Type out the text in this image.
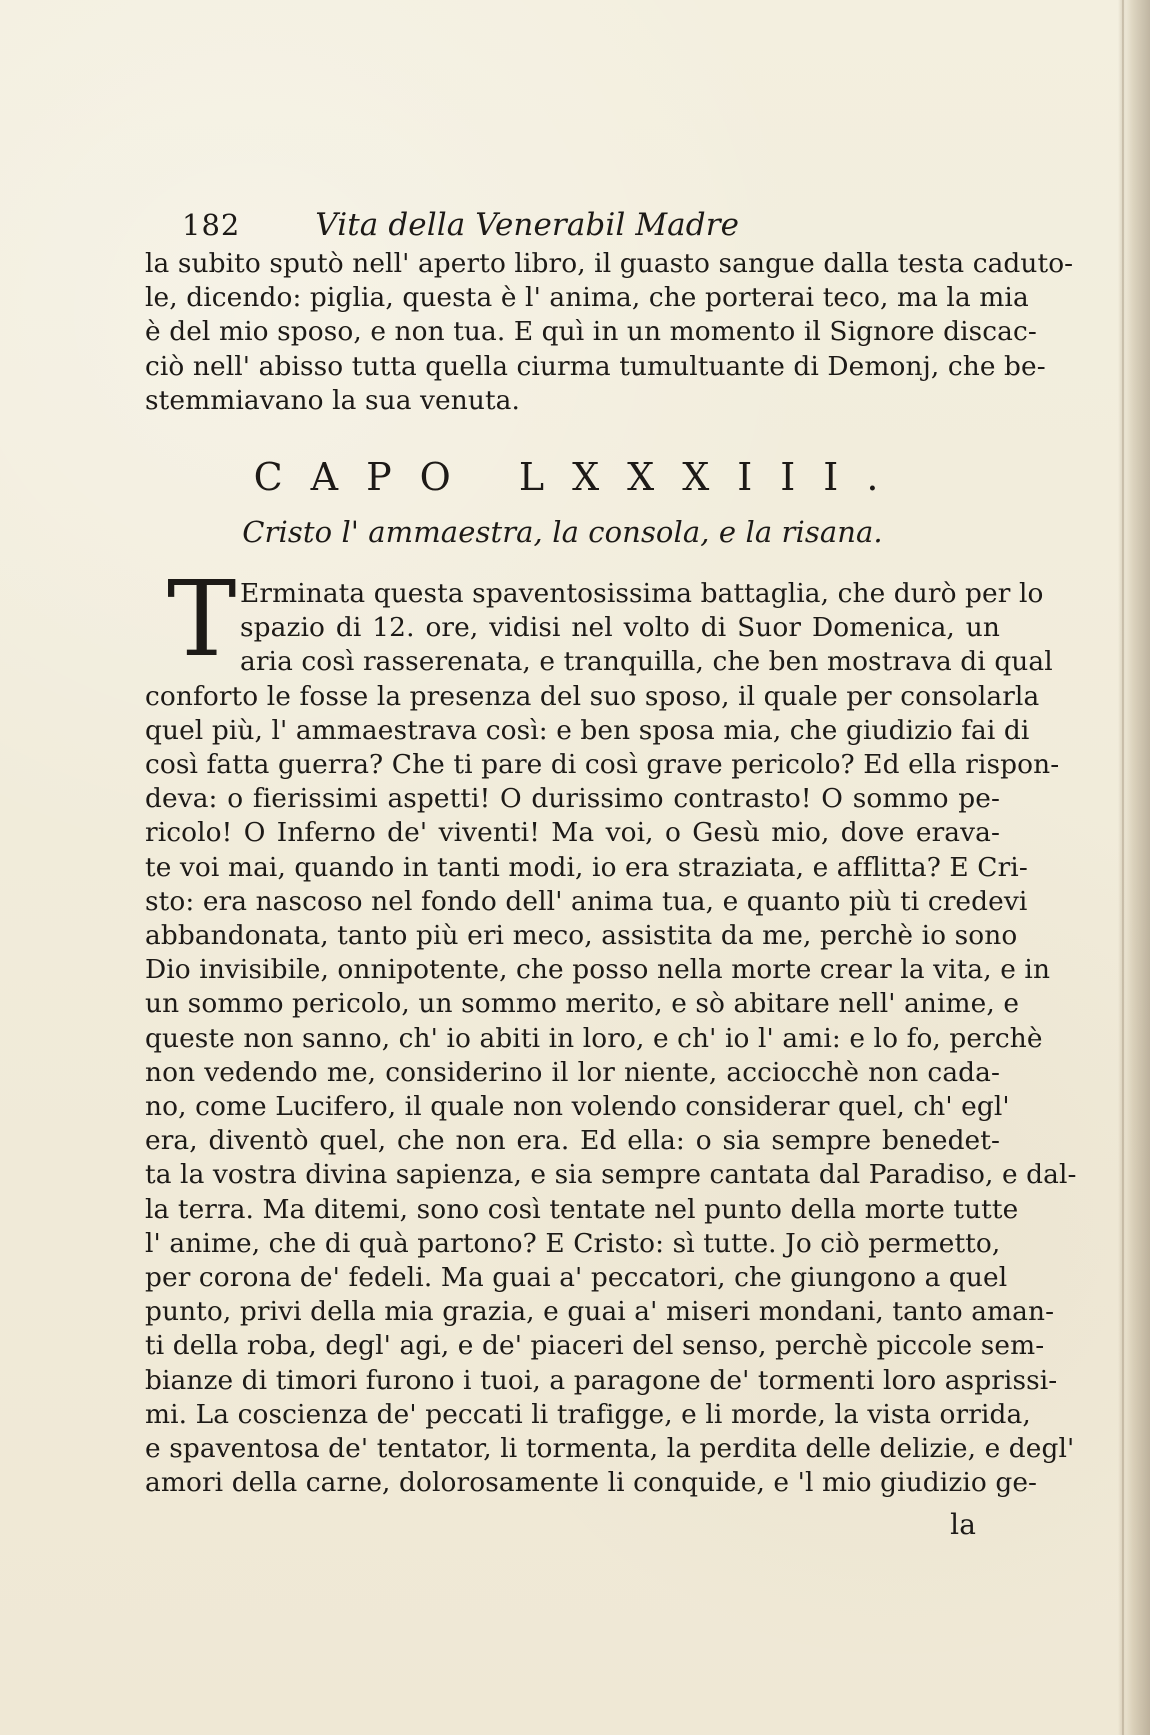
182	Vita della Venerabil Madre
la subito sputò nell' aperto libro, il guasto sangue dalla testa caduto-
le, dicendo: piglia, questa è l' anima, che porterai teco, ma la mia
è del mio sposo, e non tua. E quì in un momento il Signore discac-
ciò nell' abisso tutta quella ciurma tumultuante di Demonj, che be-
stemmiavano la sua venuta.
CAPO LXXXIII.
Cristo l' ammaestra, la consola, e la risana.
T Erminata questa spaventosissima battaglia, che durò per lo
spazio di 12. ore, vidisi nel volto di Suor Domenica, un
aria così rasserenata, e tranquilla, che ben mostrava di qual
conforto le fosse la presenza del suo sposo, il quale per consolarla
quel più, l' ammaestrava così: e ben sposa mia, che giudizio fai di
così fatta guerra? Che ti pare di così grave pericolo? Ed ella rispon-
deva: o fierissimi aspetti! O durissimo contrasto! O sommo pe-
ricolo! O Inferno de' viventi! Ma voi, o Gesù mio, dove erava-
te voi mai, quando in tanti modi, io era straziata, e afflitta? E Cri-
sto: era nascoso nel fondo dell' anima tua, e quanto più ti credevi
abbandonata, tanto più eri meco, assistita da me, perchè io sono
Dio invisibile, onnipotente, che posso nella morte crear la vita, e in
un sommo pericolo, un sommo merito, e sò abitare nell' anime, e
queste non sanno, ch' io abiti in loro, e ch' io l' ami: e lo fo, perchè
non vedendo me, considerino il lor niente, acciocchè non cada-
no, come Lucifero, il quale non volendo considerar quel, ch' egl'
era, diventò quel, che non era. Ed ella: o sia sempre benedet-
ta la vostra divina sapienza, e sia sempre cantata dal Paradiso, e dal-
la terra. Ma ditemi, sono così tentate nel punto della morte tutte
l' anime, che di quà partono? E Cristo: sì tutte. Jo ciò permetto,
per corona de' fedeli. Ma guai a' peccatori, che giungono a quel
punto, privi della mia grazia, e guai a' miseri mondani, tanto aman-
ti della roba, degl' agi, e de' piaceri del senso, perchè piccole sem-
bianze di timori furono i tuoi, a paragone de' tormenti loro asprissi-
mi. La coscienza de' peccati li trafigge, e li morde, la vista orrida,
e spaventosa de' tentator, li tormenta, la perdita delle delizie, e degl'
amori della carne, dolorosamente li conquide, e 'l mio giudizio ge-
la
